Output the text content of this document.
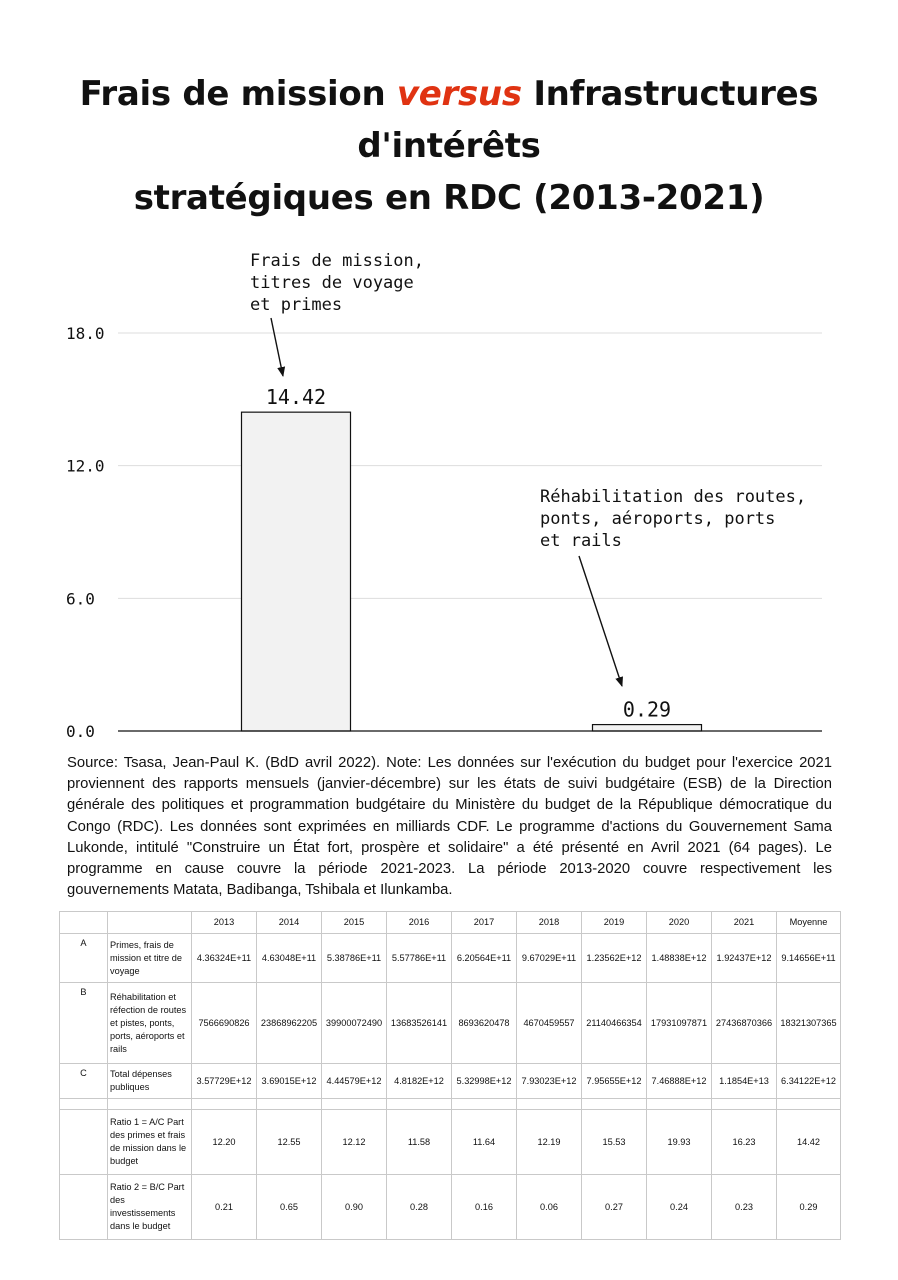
Frais de mission versus Infrastructures d'intérêts
stratégiques en RDC (2013-2021)
0.0
6.0
12.0
18.0
14.42
0.29
Frais de mission,
titres de voyage
et primes
Réhabilitation des routes,
ponts, aéroports, ports
et rails
Source: Tsasa, Jean-Paul K. (BdD avril 2022). Note: Les données sur l'exécution du budget pour l'exercice 2021 proviennent des rapports mensuels (janvier-décembre) sur les états de suivi budgétaire (ESB) de la Direction générale des politiques et programmation budgétaire du Ministère du budget de la République démocratique du Congo (RDC). Les données sont exprimées en milliards CDF. Le programme d'actions du Gouvernement Sama Lukonde, intitulé "Construire un État fort, prospère et solidaire" a été présenté en Avril 2021 (64 pages). Le programme en cause couvre la période 2021-2023. La période 2013-2020 couvre respectivement les gouvernements Matata, Badibanga, Tshibala et Ilunkamba.
		2013	2014	2015	2016	2017	2018	2019	2020	2021	Moyenne
A	Primes, frais de mission et titre de voyage	4.36324E+11	4.63048E+11	5.38786E+11	5.57786E+11	6.20564E+11	9.67029E+11	1.23562E+12	1.48838E+12	1.92437E+12	9.14656E+11
B	Réhabilitation et réfection de routes et pistes, ponts, ports, aéroports et rails	7566690826	23868962205	39900072490	13683526141	8693620478	4670459557	21140466354	17931097871	27436870366	18321307365
C	Total dépenses publiques	3.57729E+12	3.69015E+12	4.44579E+12	4.8182E+12	5.32998E+12	7.93023E+12	7.95655E+12	7.46888E+12	1.1854E+13	6.34122E+12

	Ratio 1 = A/C Part des primes et frais de mission dans le budget	12.20	12.55	12.12	11.58	11.64	12.19	15.53	19.93	16.23	14.42
	Ratio 2 = B/C Part des investissements dans le budget	0.21	0.65	0.90	0.28	0.16	0.06	0.27	0.24	0.23	0.29
